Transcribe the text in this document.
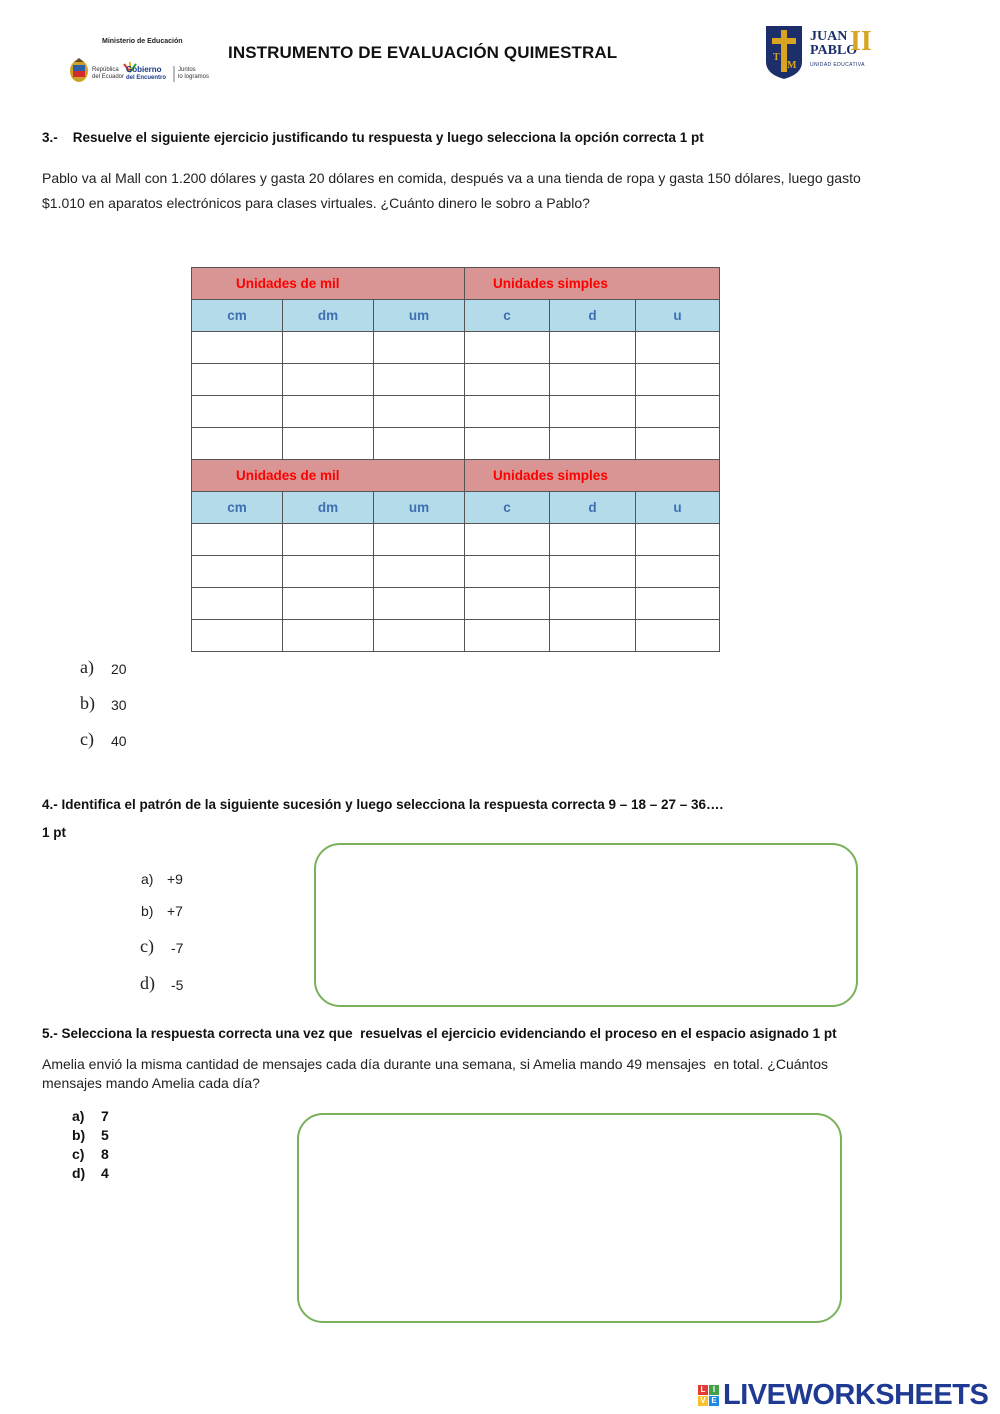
Ministerio de Educación
República
del Ecuador
Gobierno
del Encuentro
Juntos
lo logramos
INSTRUMENTO DE EVALUACIÓN QUIMESTRAL	T
M
JUAN
PABLO
II
UNIDAD EDUCATIVA
3.-    Resuelve el siguiente ejercicio justificando tu respuesta y luego selecciona la opción correcta 1 pt
Pablo va al Mall con 1.200 dólares y gasta 20 dólares en comida, después va a una tienda de ropa y gasta 150 dólares, luego gasto
$1.010 en aparatos electrónicos para clases virtuales. ¿Cuánto dinero le sobro a Pablo?
Unidades de mil			Unidades simples		
cm	dm	um	c	d	u

Unidades de mil			Unidades simples		
cm	dm	um	c	d	u

a) 20
b) 30
c) 40
4.- Identifica el patrón de la siguiente sucesión y luego selecciona la respuesta correcta 9 – 18 – 27 – 36….
1 pt
a) +9
b) +7
c) -7
d) -5
5.- Selecciona la respuesta correcta una vez que  resuelvas el ejercicio evidenciando el proceso en el espacio asignado 1 pt
Amelia envió la misma cantidad de mensajes cada día durante una semana, si Amelia mando 49 mensajes  en total. ¿Cuántos
mensajes mando Amelia cada día?
a) 7
b) 5
c) 8
d) 4
L I
V E LIVEWORKSHEETS
